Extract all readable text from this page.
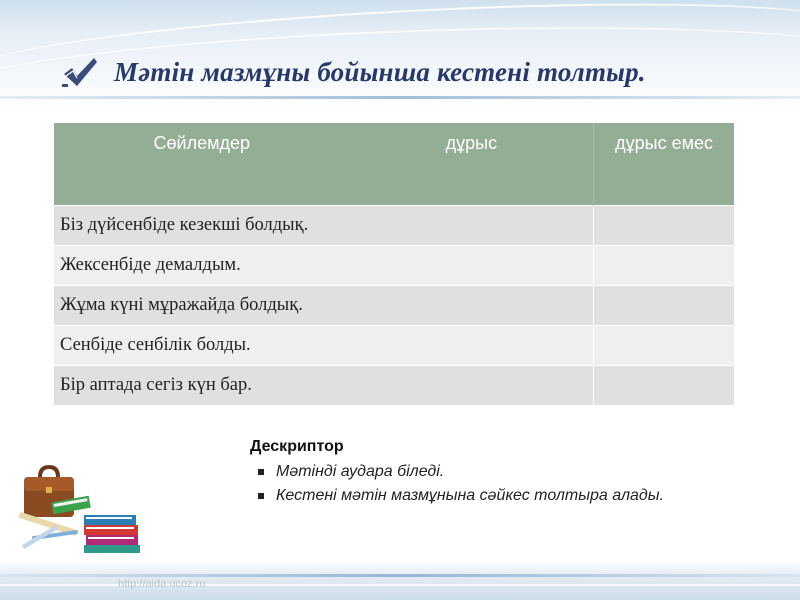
Мәтін мазмұны бойынша кестені толтыр.
Сөйлемдер	дұрыс	дұрыс емес
Біз дүйсенбіде кезекші болдық.		
Жексенбіде демалдым.		
Жұма күні мұражайда болдық.		
Сенбіде сенбілік болды.		
Бір аптада сегіз күн бар.		
Дескриптор
Мәтінді аудара біледі.
Кестені мәтін мазмұнына сәйкес толтыра алады.
http://aida.ucoz.ru
